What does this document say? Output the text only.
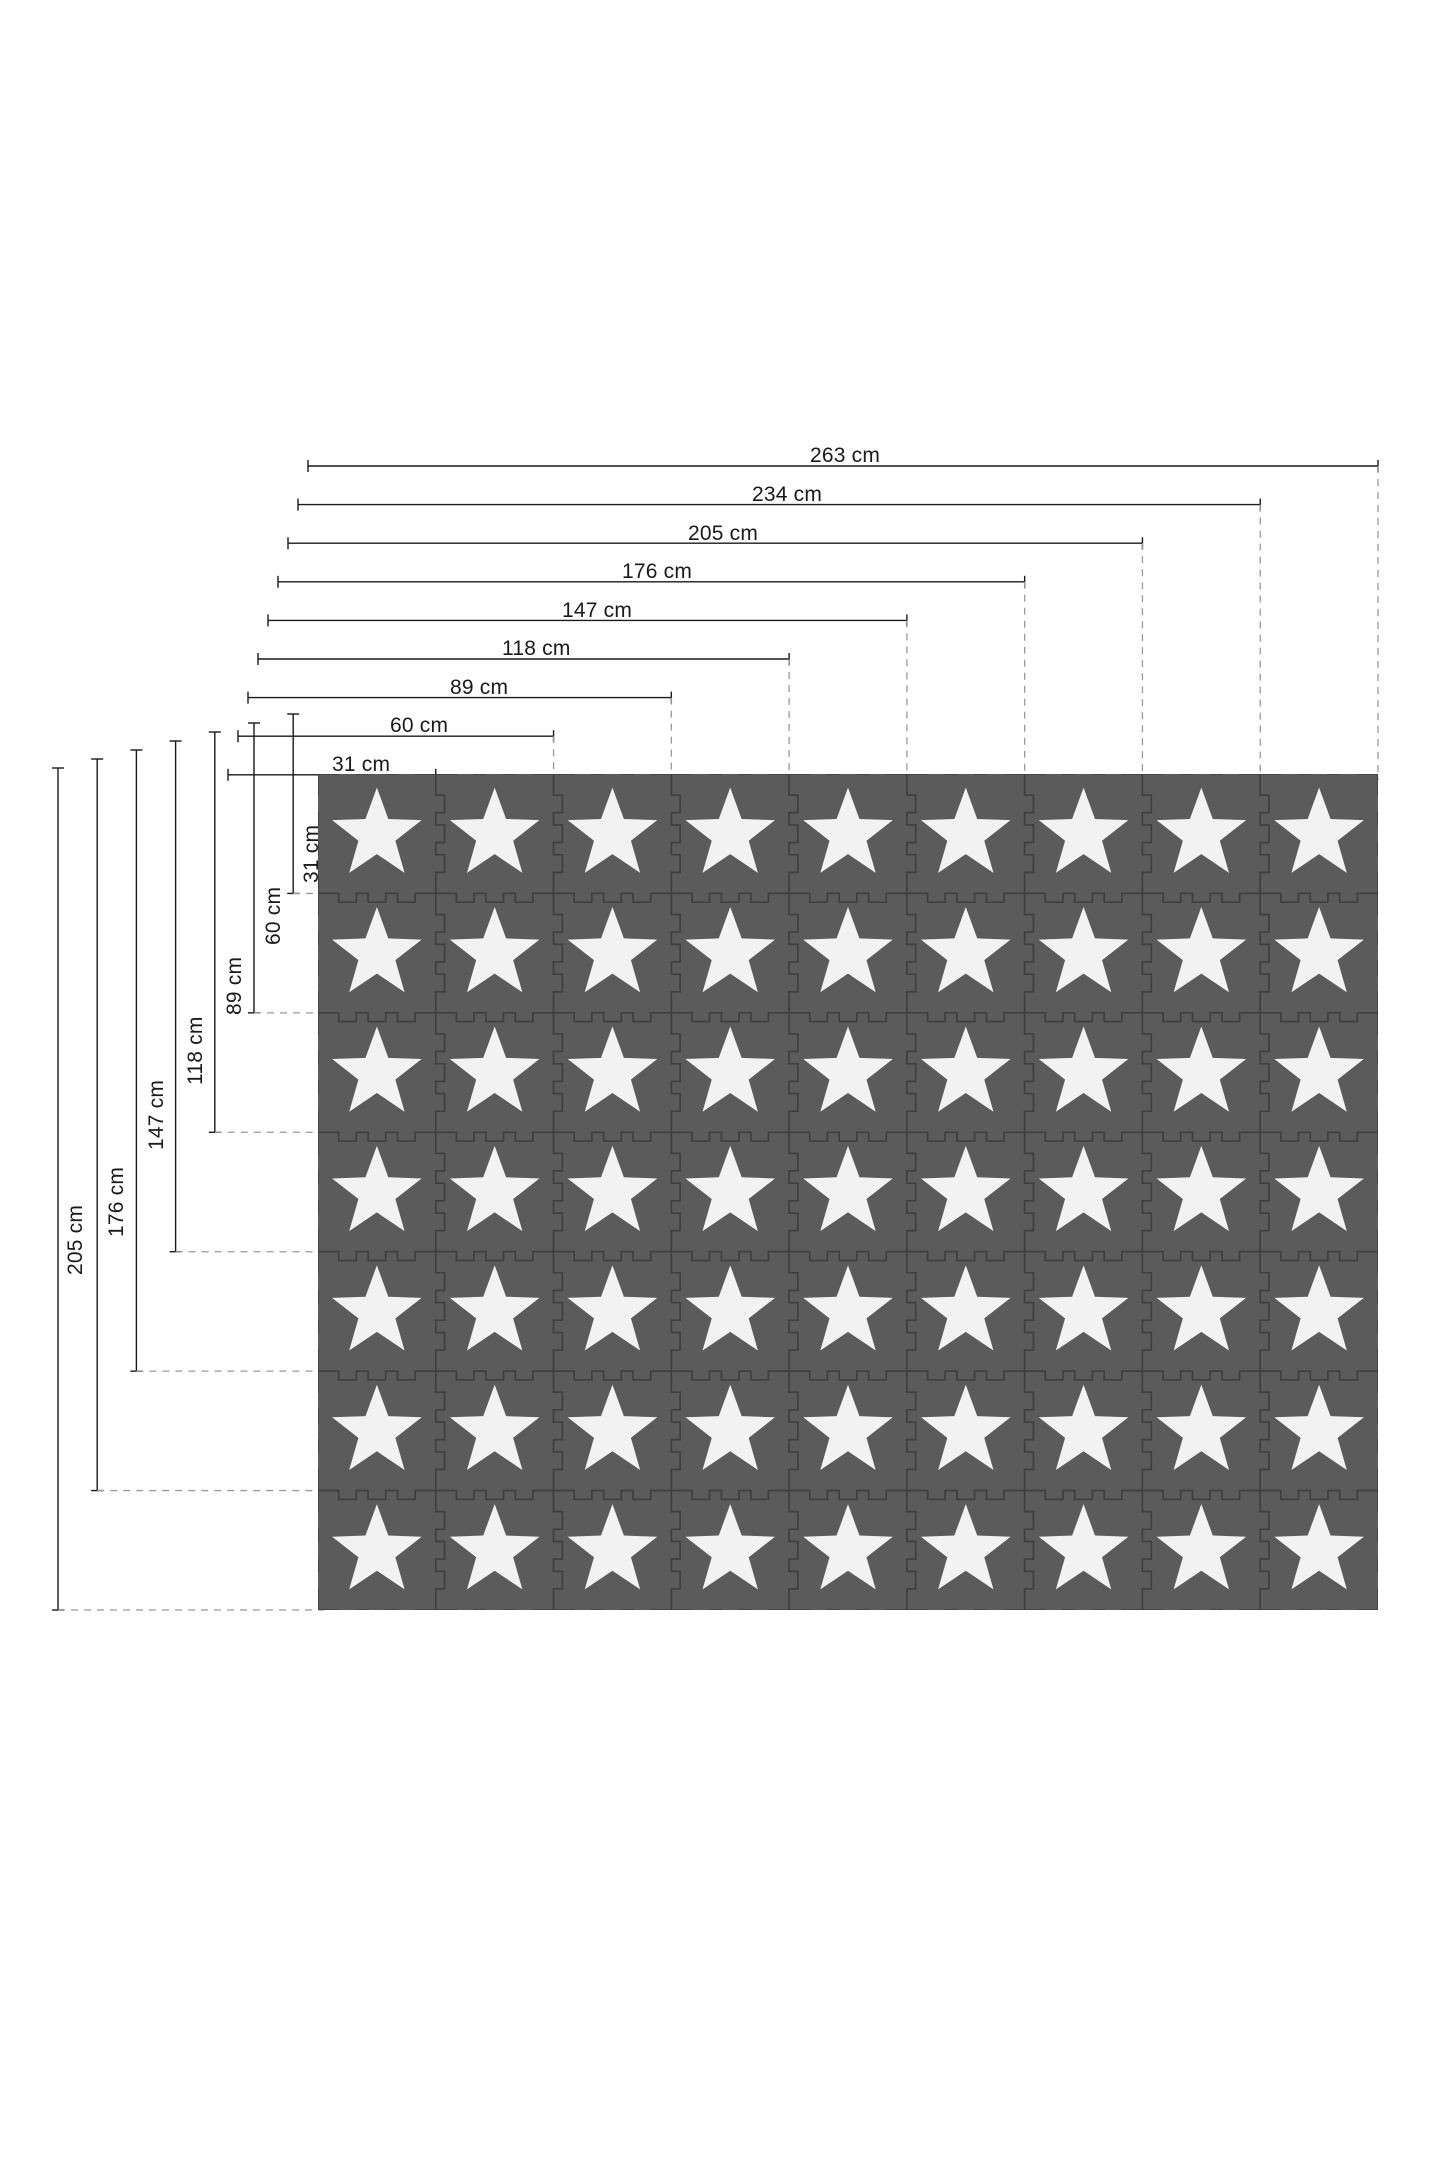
263 cm
234 cm
205 cm
176 cm
147 cm
118 cm
89 cm
60 cm
31 cm
205 cm
176 cm
147 cm
118 cm
89 cm
60 cm
31 cm
